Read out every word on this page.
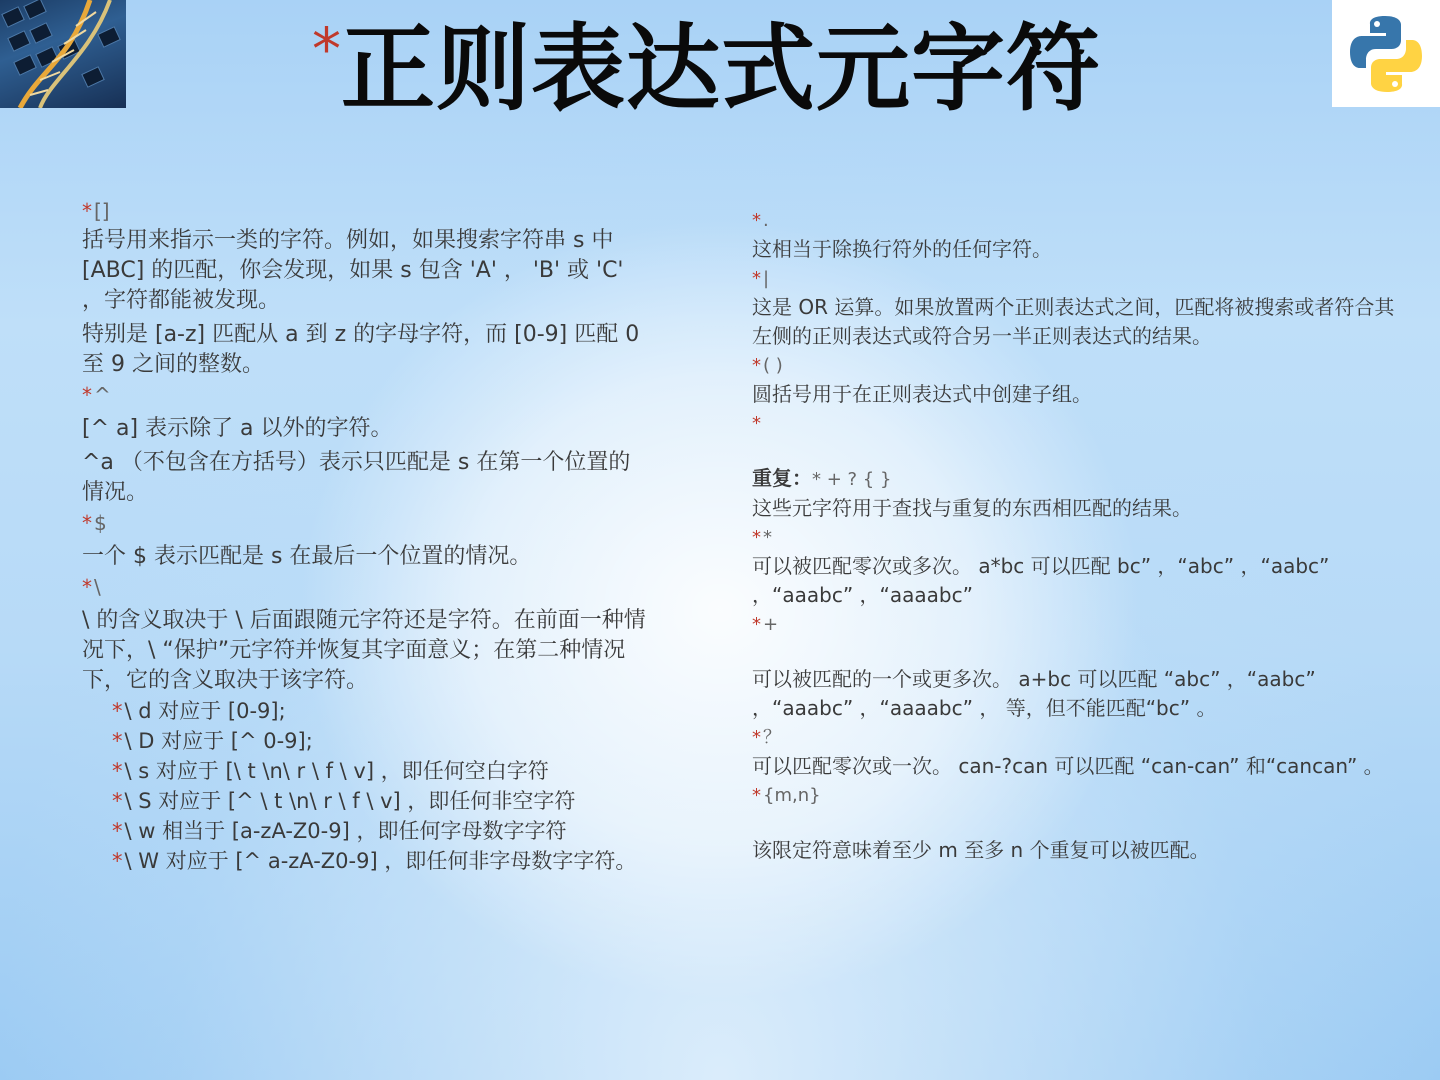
* 正则表达式元字符

* []

括号用来指示一类的字符。例如，如果搜索字符串 s 中 [ABC] 的匹配，你会发现，如果 s 包含 'A' ， 'B' 或 'C' ，字符都能被发现。

特别是 [a-z] 匹配从 a 到 z 的字母字符，而 [0-9] 匹配 0 至 9 之间的整数。

* ^

[^ a] 表示除了 a 以外的字符。

^a （不包含在方括号）表示只匹配是 s 在第一个位置的情况。

* $

一个 $ 表示匹配是 s 在最后一个位置的情况。

* \

\ 的含义取决于 \ 后面跟随元字符还是字符。在前面一种情况下，\ “保护”元字符并恢复其字面意义；在第二种情况下，它的含义取决于该字符。

*\ d 对应于 [0-9];

*\ D 对应于 [^ 0-9];

*\ s 对应于 [\ t \n\ r \ f \ v] ，即任何空白字符

*\ S 对应于 [^ \ t \n\ r \ f \ v] ，即任何非空字符

*\ w 相当于 [a-zA-Z0-9] ，即任何字母数字字符

*\ W 对应于 [^ a-zA-Z0-9] ，即任何非字母数字字符。

* .

这相当于除换行符外的任何字符。

* |

这是 OR 运算。如果放置两个正则表达式之间，匹配将被搜索或者符合其左侧的正则表达式或符合另一半正则表达式的结果。

* ( )

圆括号用于在正则表达式中创建子组。

*

重复：* + ? { }

这些元字符用于查找与重复的东西相匹配的结果。

* *

可以被匹配零次或多次。 a*bc 可以匹配 bc” ，“abc” ，“aabc” ，“aaabc” ，“aaaabc”

* +

可以被匹配的一个或更多次。 a+bc 可以匹配 “abc” ，“aabc” ，“aaabc” ，“aaaabc” ， 等，但不能匹配“bc” 。

* ？

可以匹配零次或一次。 can-?can 可以匹配 “can-can” 和“cancan” 。

* {m,n}

该限定符意味着至少 m 至多 n 个重复可以被匹配。
